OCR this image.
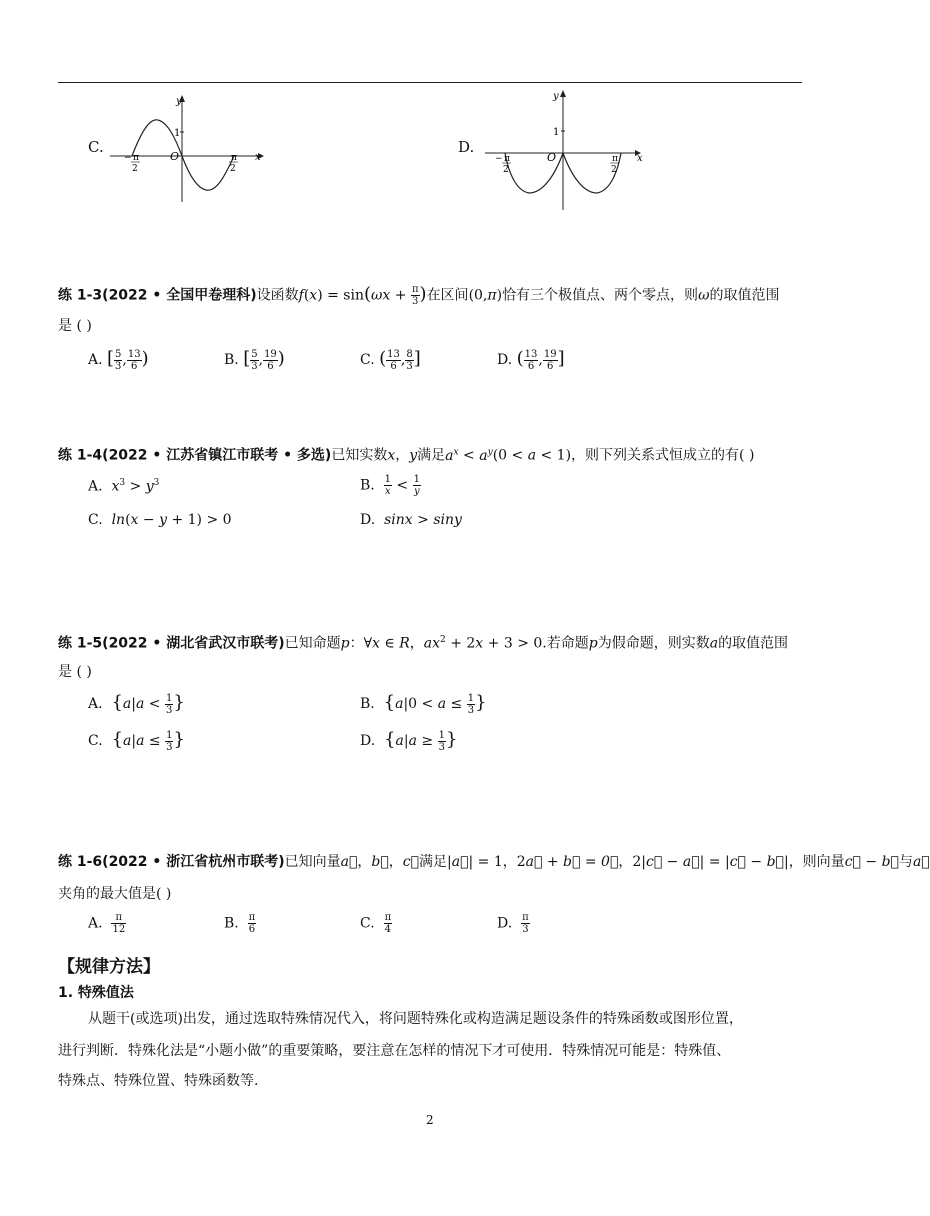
C.
y
x
O
1
− π
2
π
2
D.
y
x
O
1
− π
2
π
2
练 1-3(2022 • 全国甲卷理科)设函数$f(x) = \sin(\omega x + \frac{\pi}{3}$ )在区间(0,π)恰有三个极值点、两个零点，则ω的取值范围
是 ( )
A. [ $\frac{5}{3}$ , $\frac{13}{6}$ )	B. [ $\frac{5}{3}$ , $\frac{19}{6}$ )	C. ( $\frac{13}{6}$ , $\frac{8}{3}$ ]	D. ( $\frac{13}{6}$ , $\frac{19}{6}$ ]
练 1-4(2022 • 江苏省镇江市联考 • 多选)已知实数x，y满足$a^x < a^y(0 < a < 1)$，则下列关系式恒成立的有( )
A. $x^3 > y^3$	B. $\frac{1}{x} < \frac{1}{y}$
C. ln(x − y + 1) > 0	D. sinx > siny
练 1-5(2022 • 湖北省武汉市联考)已知命题p：∀x ∈ R，$ax^2 + 2x + 3 > 0$.若命题p为假命题，则实数a的取值范围
是 ( )
A. {$a|a < \frac{1}{3}$ }	B. {$a|0 < a \le \frac{1}{3}$ }
C. {$a|a \le \frac{1}{3}$ }	D. {$a|a \ge \frac{1}{3}$ }
练 1-6(2022 • 浙江省杭州市联考)已知向量a⃗，b⃗，c⃗满足|a⃗| = 1，2a⃗ + b⃗ = 0⃗，2|c⃗ − a⃗| = |c⃗ − b⃗|，则向量c⃗ − b⃗与a⃗
夹角的最大值是( )
A. $\frac{\pi}{12}$	B. $\frac{\pi}{6}$	C. $\frac{\pi}{4}$	D. $\frac{\pi}{3}$
【规律方法】
1. 特殊值法
从题干(或选项)出发，通过选取特殊情况代入，将问题特殊化或构造满足题设条件的特殊函数或图形位置，
进行判断．特殊化法是“小题小做”的重要策略，要注意在怎样的情况下才可使用．特殊情况可能是：特殊值、
特殊点、特殊位置、特殊函数等.
2
